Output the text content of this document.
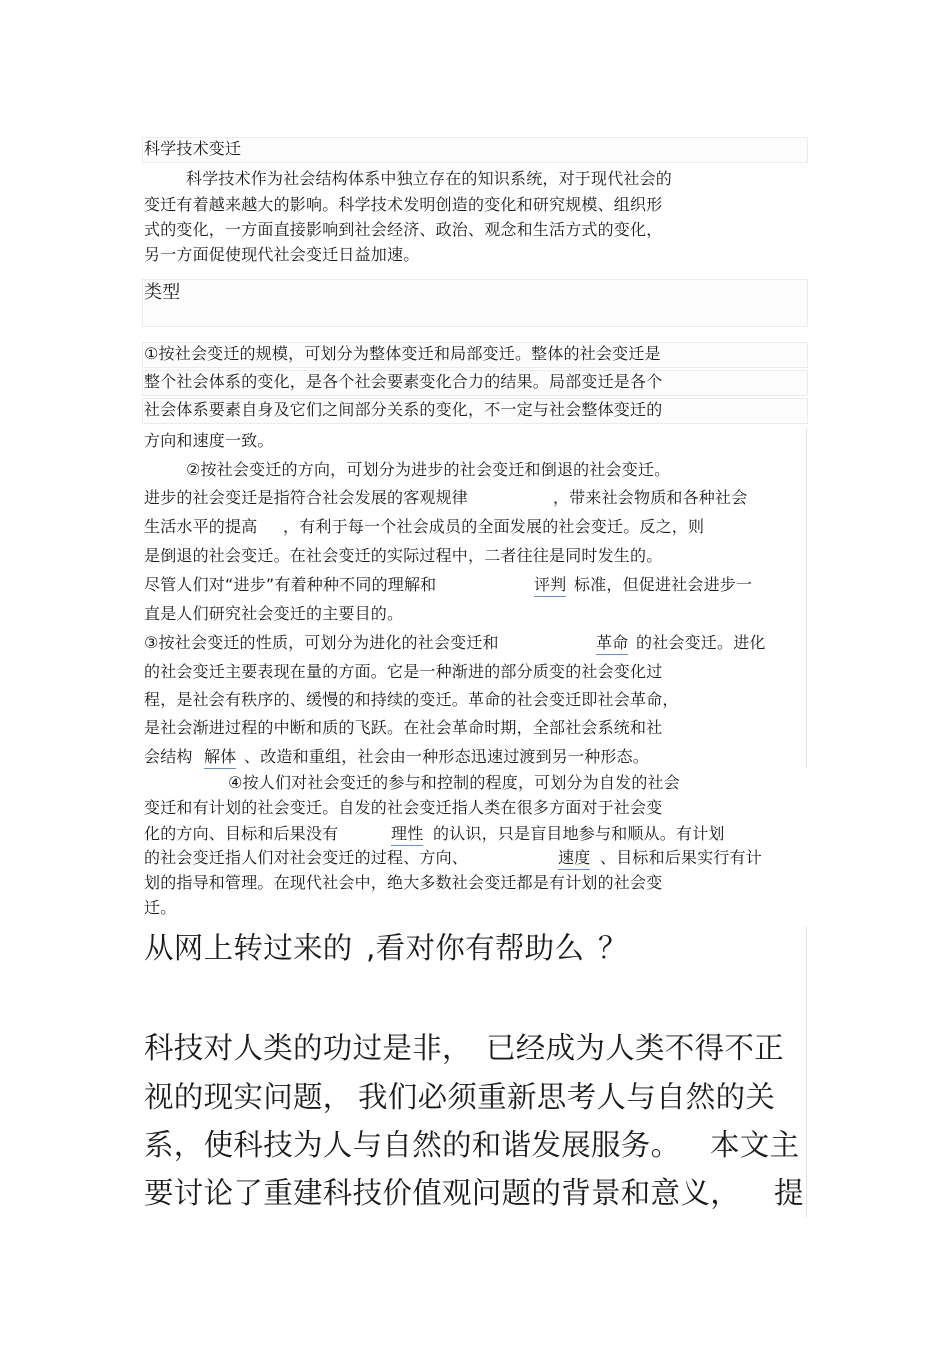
科学技术变迁
科学技术作为社会结构体系中独立存在的知识系统，对于现代社会的
变迁有着越来越大的影响。科学技术发明创造的变化和研究规模、组织形
式的变化，一方面直接影响到社会经济、政治、观念和生活方式的变化，
另一方面促使现代社会变迁日益加速。
类型
①按社会变迁的规模，可划分为整体变迁和局部变迁。整体的社会变迁是
整个社会体系的变化，是各个社会要素变化合力的结果。局部变迁是各个
社会体系要素自身及它们之间部分关系的变化，不一定与社会整体变迁的
方向和速度一致。
②按社会变迁的方向，可划分为进步的社会变迁和倒退的社会变迁。
进步的社会变迁是指符合社会发展的客观规律	，带来社会物质和各种社会
生活水平的提高 ，有利于每一个社会成员的全面发展的社会变迁。反之，则
是倒退的社会变迁。在社会变迁的实际过程中，二者往往是同时发生的。
尽管人们对“进步”有着种种不同的理解和	评判 标准，但促进社会进步一
直是人们研究社会变迁的主要目的。
③按社会变迁的性质，可划分为进化的社会变迁和	革命 的社会变迁。进化
的社会变迁主要表现在量的方面。它是一种渐进的部分质变的社会变化过
程，是社会有秩序的、缓慢的和持续的变迁。革命的社会变迁即社会革命，
是社会渐进过程的中断和质的飞跃。在社会革命时期，全部社会系统和社
会结构 解体 、改造和重组，社会由一种形态迅速过渡到另一种形态。
④按人们对社会变迁的参与和控制的程度，可划分为自发的社会
变迁和有计划的社会变迁。自发的社会变迁指人类在很多方面对于社会变
化的方向、目标和后果没有	理性 的认识，只是盲目地参与和顺从。有计划
的社会变迁指人们对社会变迁的过程、方向、	速度 、目标和后果实行有计
划的指导和管理。在现代社会中，绝大多数社会变迁都是有计划的社会变
迁。
从网上转过来的 ,看对你有帮助么 ？
科技对人类的功过是非， 已经成为人类不得不正
视的现实问题， 我们必须重新思考人与自然的关
系，使科技为人与自然的和谐发展服务。 本文主
要讨论了重建科技价值观问题的背景和意义， 提
